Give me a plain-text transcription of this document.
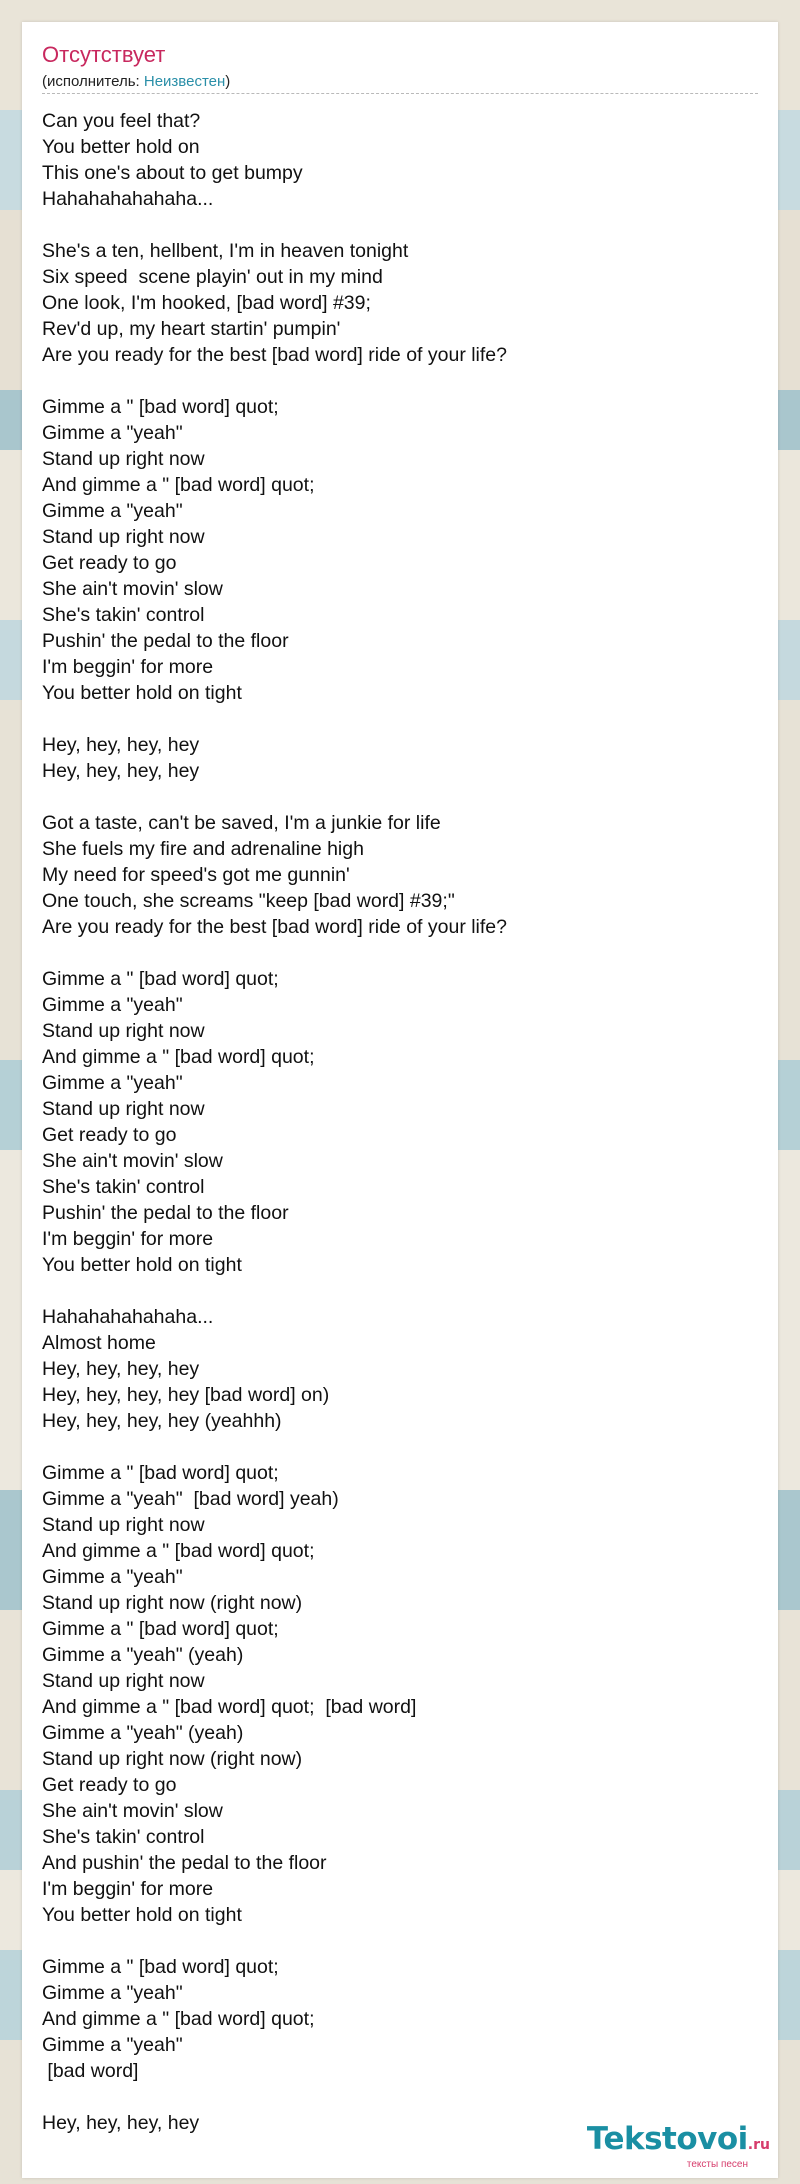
Отсутствует
(исполнитель: Неизвестен)
Can you feel that?
You better hold on
This one's about to get bumpy
Hahahahahahaha...

She's a ten, hellbent, I'm in heaven tonight
Six speed  scene playin' out in my mind
One look, I'm hooked, [bad word] #39;
Rev'd up, my heart startin' pumpin'
Are you ready for the best [bad word] ride of your life?

Gimme a " [bad word] quot;
Gimme a "yeah"
Stand up right now
And gimme a " [bad word] quot;
Gimme a "yeah"
Stand up right now
Get ready to go
She ain't movin' slow
She's takin' control
Pushin' the pedal to the floor
I'm beggin' for more
You better hold on tight

Hey, hey, hey, hey
Hey, hey, hey, hey

Got a taste, can't be saved, I'm a junkie for life
She fuels my fire and adrenaline high
My need for speed's got me gunnin'
One touch, she screams "keep [bad word] #39;"
Are you ready for the best [bad word] ride of your life?

Gimme a " [bad word] quot;
Gimme a "yeah"
Stand up right now
And gimme a " [bad word] quot;
Gimme a "yeah"
Stand up right now
Get ready to go
She ain't movin' slow
She's takin' control
Pushin' the pedal to the floor
I'm beggin' for more
You better hold on tight

Hahahahahahaha...
Almost home
Hey, hey, hey, hey
Hey, hey, hey, hey [bad word] on)
Hey, hey, hey, hey (yeahhh)

Gimme a " [bad word] quot;
Gimme a "yeah"  [bad word] yeah)
Stand up right now
And gimme a " [bad word] quot;
Gimme a "yeah"
Stand up right now (right now)
Gimme a " [bad word] quot;
Gimme a "yeah" (yeah)
Stand up right now
And gimme a " [bad word] quot;  [bad word]
Gimme a "yeah" (yeah)
Stand up right now (right now)
Get ready to go
She ain't movin' slow
She's takin' control
And pushin' the pedal to the floor
I'm beggin' for more
You better hold on tight

Gimme a " [bad word] quot;
Gimme a "yeah"
And gimme a " [bad word] quot;
Gimme a "yeah"
[bad word]

Hey, hey, hey, hey	Tekstovoi.ru
тексты песен
